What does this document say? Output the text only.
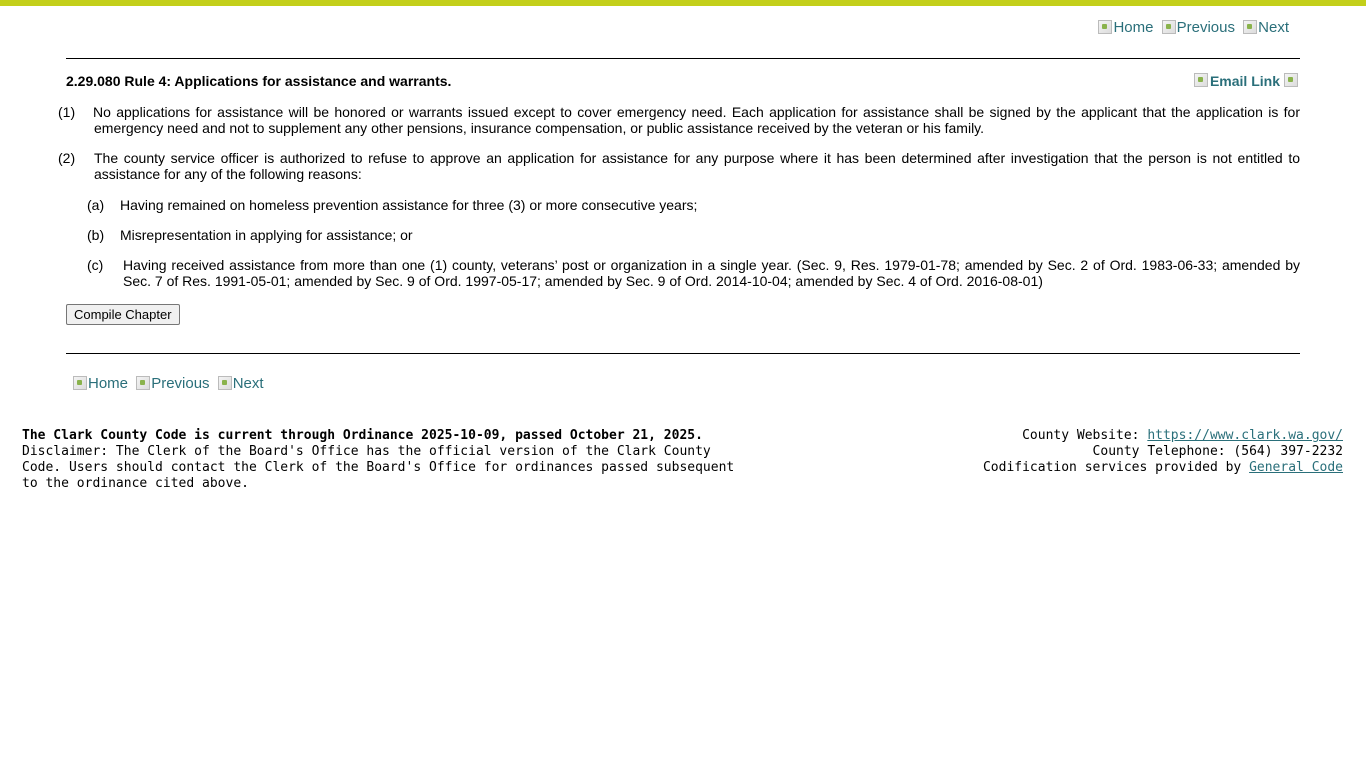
Home
Previous
Next
2.29.080 Rule 4: Applications for assistance and warrants.	Email Link
(1)	No applications for assistance will be honored or warrants issued except to cover emergency need. Each application for assistance shall be signed by the applicant that the application is for emergency need and not to supplement any other pensions, insurance compensation, or public assistance received by the veteran or his family.
(2)	The county service officer is authorized to refuse to approve an application for assistance for any purpose where it has been determined after investigation that the person is not entitled to assistance for any of the following reasons:
(a)	Having remained on homeless prevention assistance for three (3) or more consecutive years;
(b)	Misrepresentation in applying for assistance; or
(c)	Having received assistance from more than one (1) county, veterans’ post or organization in a single year. (Sec. 9, Res. 1979-01-78; amended by Sec. 2 of Ord. 1983-06-33; amended by Sec. 7 of Res. 1991-05-01; amended by Sec. 9 of Ord. 1997-05-17; amended by Sec. 9 of Ord. 2014-10-04; amended by Sec. 4 of Ord. 2016-08-01)
Compile Chapter
Home
Previous
Next
The Clark County Code is current through Ordinance 2025-10-09, passed October 21, 2025.
Disclaimer: The Clerk of the Board's Office has the official version of the Clark County Code. Users should contact the Clerk of the Board's Office for ordinances passed subsequent to the ordinance cited above.
County Website: https://www.clark.wa.gov/
County Telephone: (564) 397-2232
Codification services provided by General Code
